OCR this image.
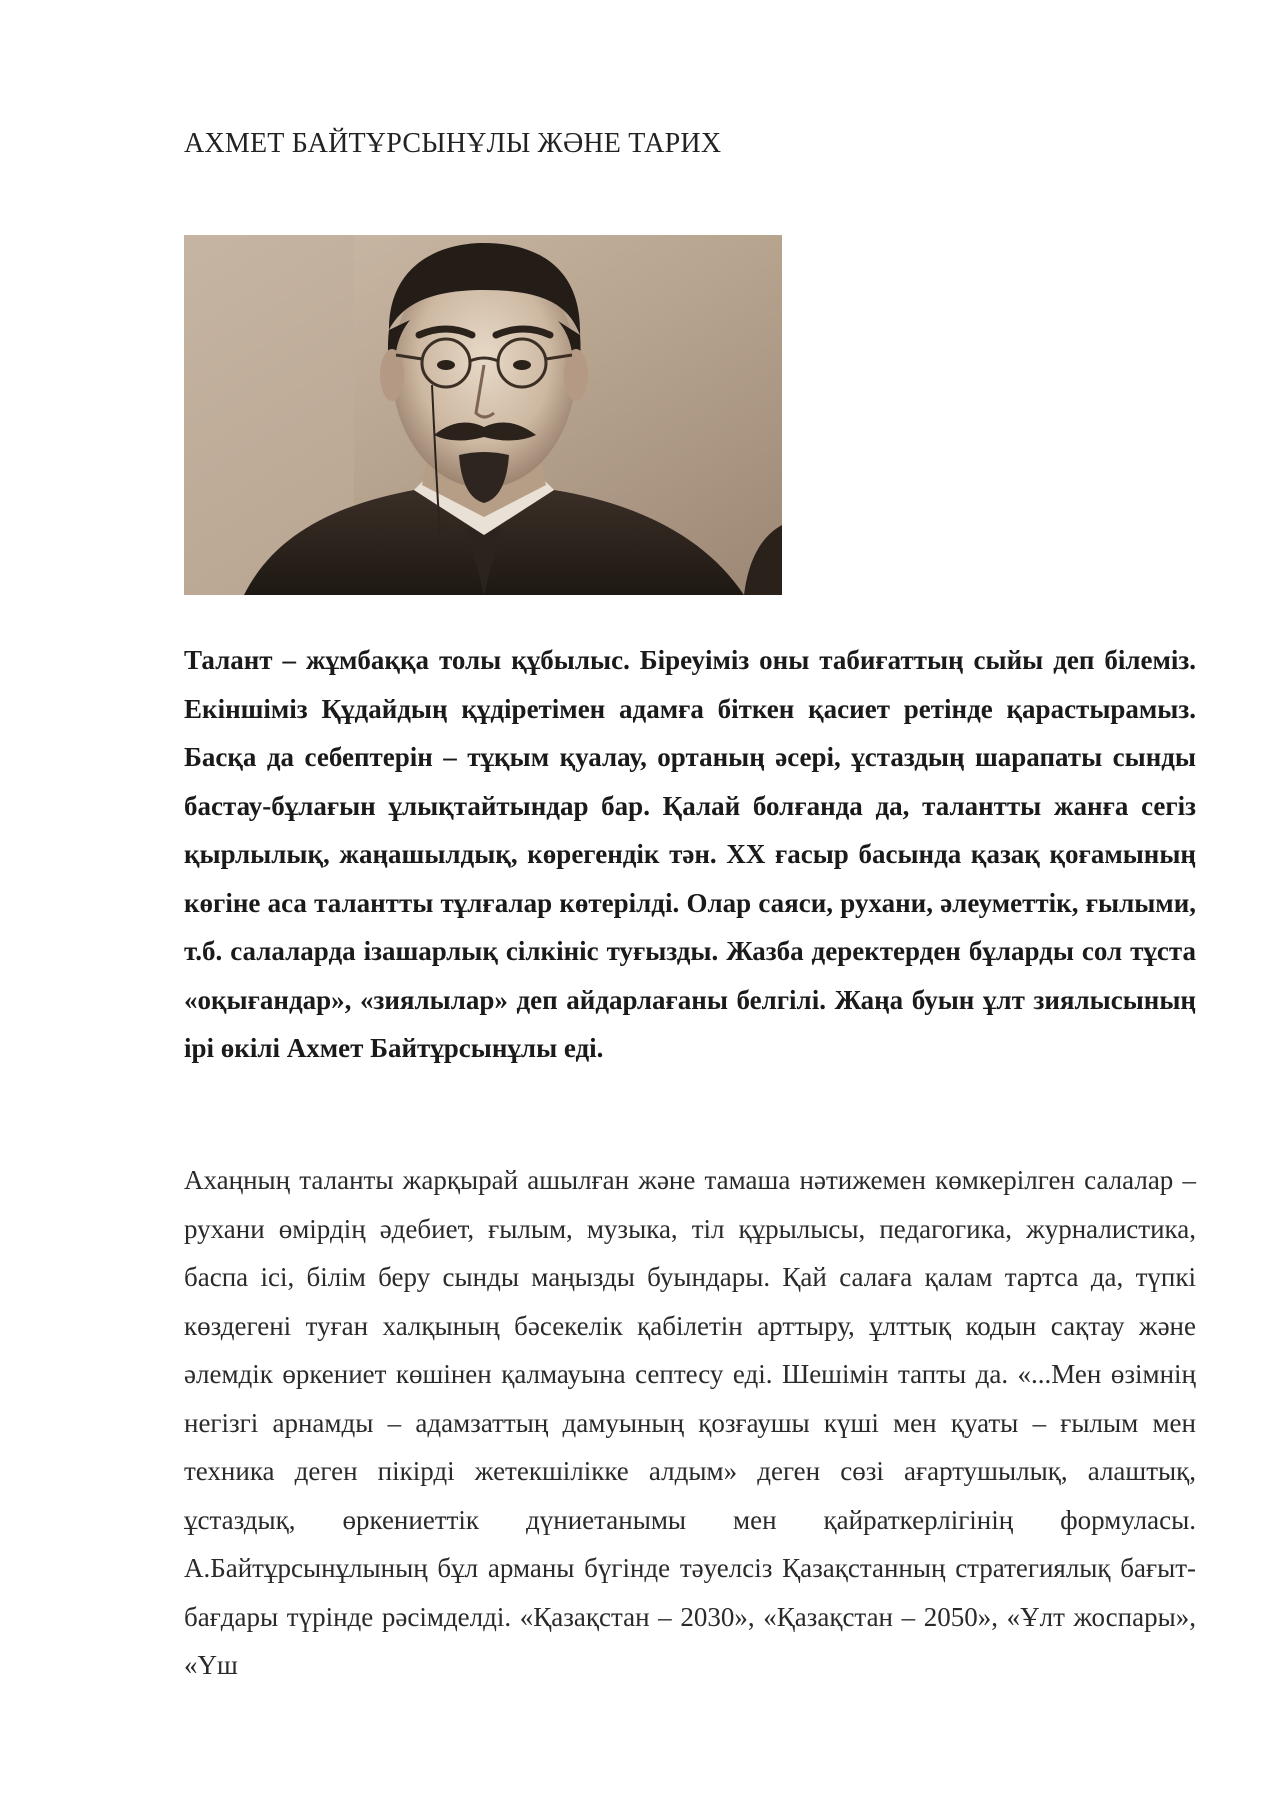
АХМЕТ БАЙТҰРСЫНҰЛЫ ЖӘНЕ ТАРИХ

Талант – жұмбаққа толы құбылыс. Біреуіміз оны табиғаттың сыйы деп білеміз. Екіншіміз Құдайдың құдіретімен адамға біткен қасиет ретінде қарастырамыз. Басқа да себептерін – тұқым қуалау, ортаның әсері, ұстаздың шарапаты сынды бастау-бұлағын ұлықтайтындар бар. Қалай болғанда да, талантты жанға сегіз қырлылық, жаңашылдық, көрегендік тән. XX ғасыр басында қазақ қоғамының көгіне аса талантты тұлғалар көтерілді. Олар саяси, рухани, әлеуметтік, ғылыми, т.б. салаларда ізашарлық сілкініс туғызды. Жазба деректерден бұларды сол тұста «оқығандар», «зиялылар» деп айдарлағаны белгілі. Жаңа буын ұлт зиялысының ірі өкілі Ахмет Байтұрсынұлы еді.

Ахаңның таланты жарқырай ашылған және тамаша нәтижемен көмкерілген салалар – рухани өмірдің әдебиет, ғылым, музыка, тіл құрылысы, педагогика, журналистика, баспа ісі, білім беру сынды маңызды буындары. Қай салаға қалам тартса да, түпкі көздегені туған халқының бәсекелік қабілетін арттыру, ұлттық кодын сақтау және әлемдік өркениет көшінен қалмауына септесу еді. Шешімін тапты да. «...Мен өзімнің негізгі арнамды – адамзаттың дамуының қозғаушы күші мен қуаты – ғылым мен техника деген пікірді жетекшілікке алдым» деген сөзі ағартушылық, алаштық, ұстаздық, өркениеттік дүниетанымы мен қайраткерлігінің формуласы. А.Байтұрсынұлының бұл арманы бүгінде тәуелсіз Қазақстанның стратегиялық бағыт-бағдары түрінде рәсімделді. «Қазақстан – 2030», «Қазақстан – 2050», «Ұлт жоспары», «Үш
